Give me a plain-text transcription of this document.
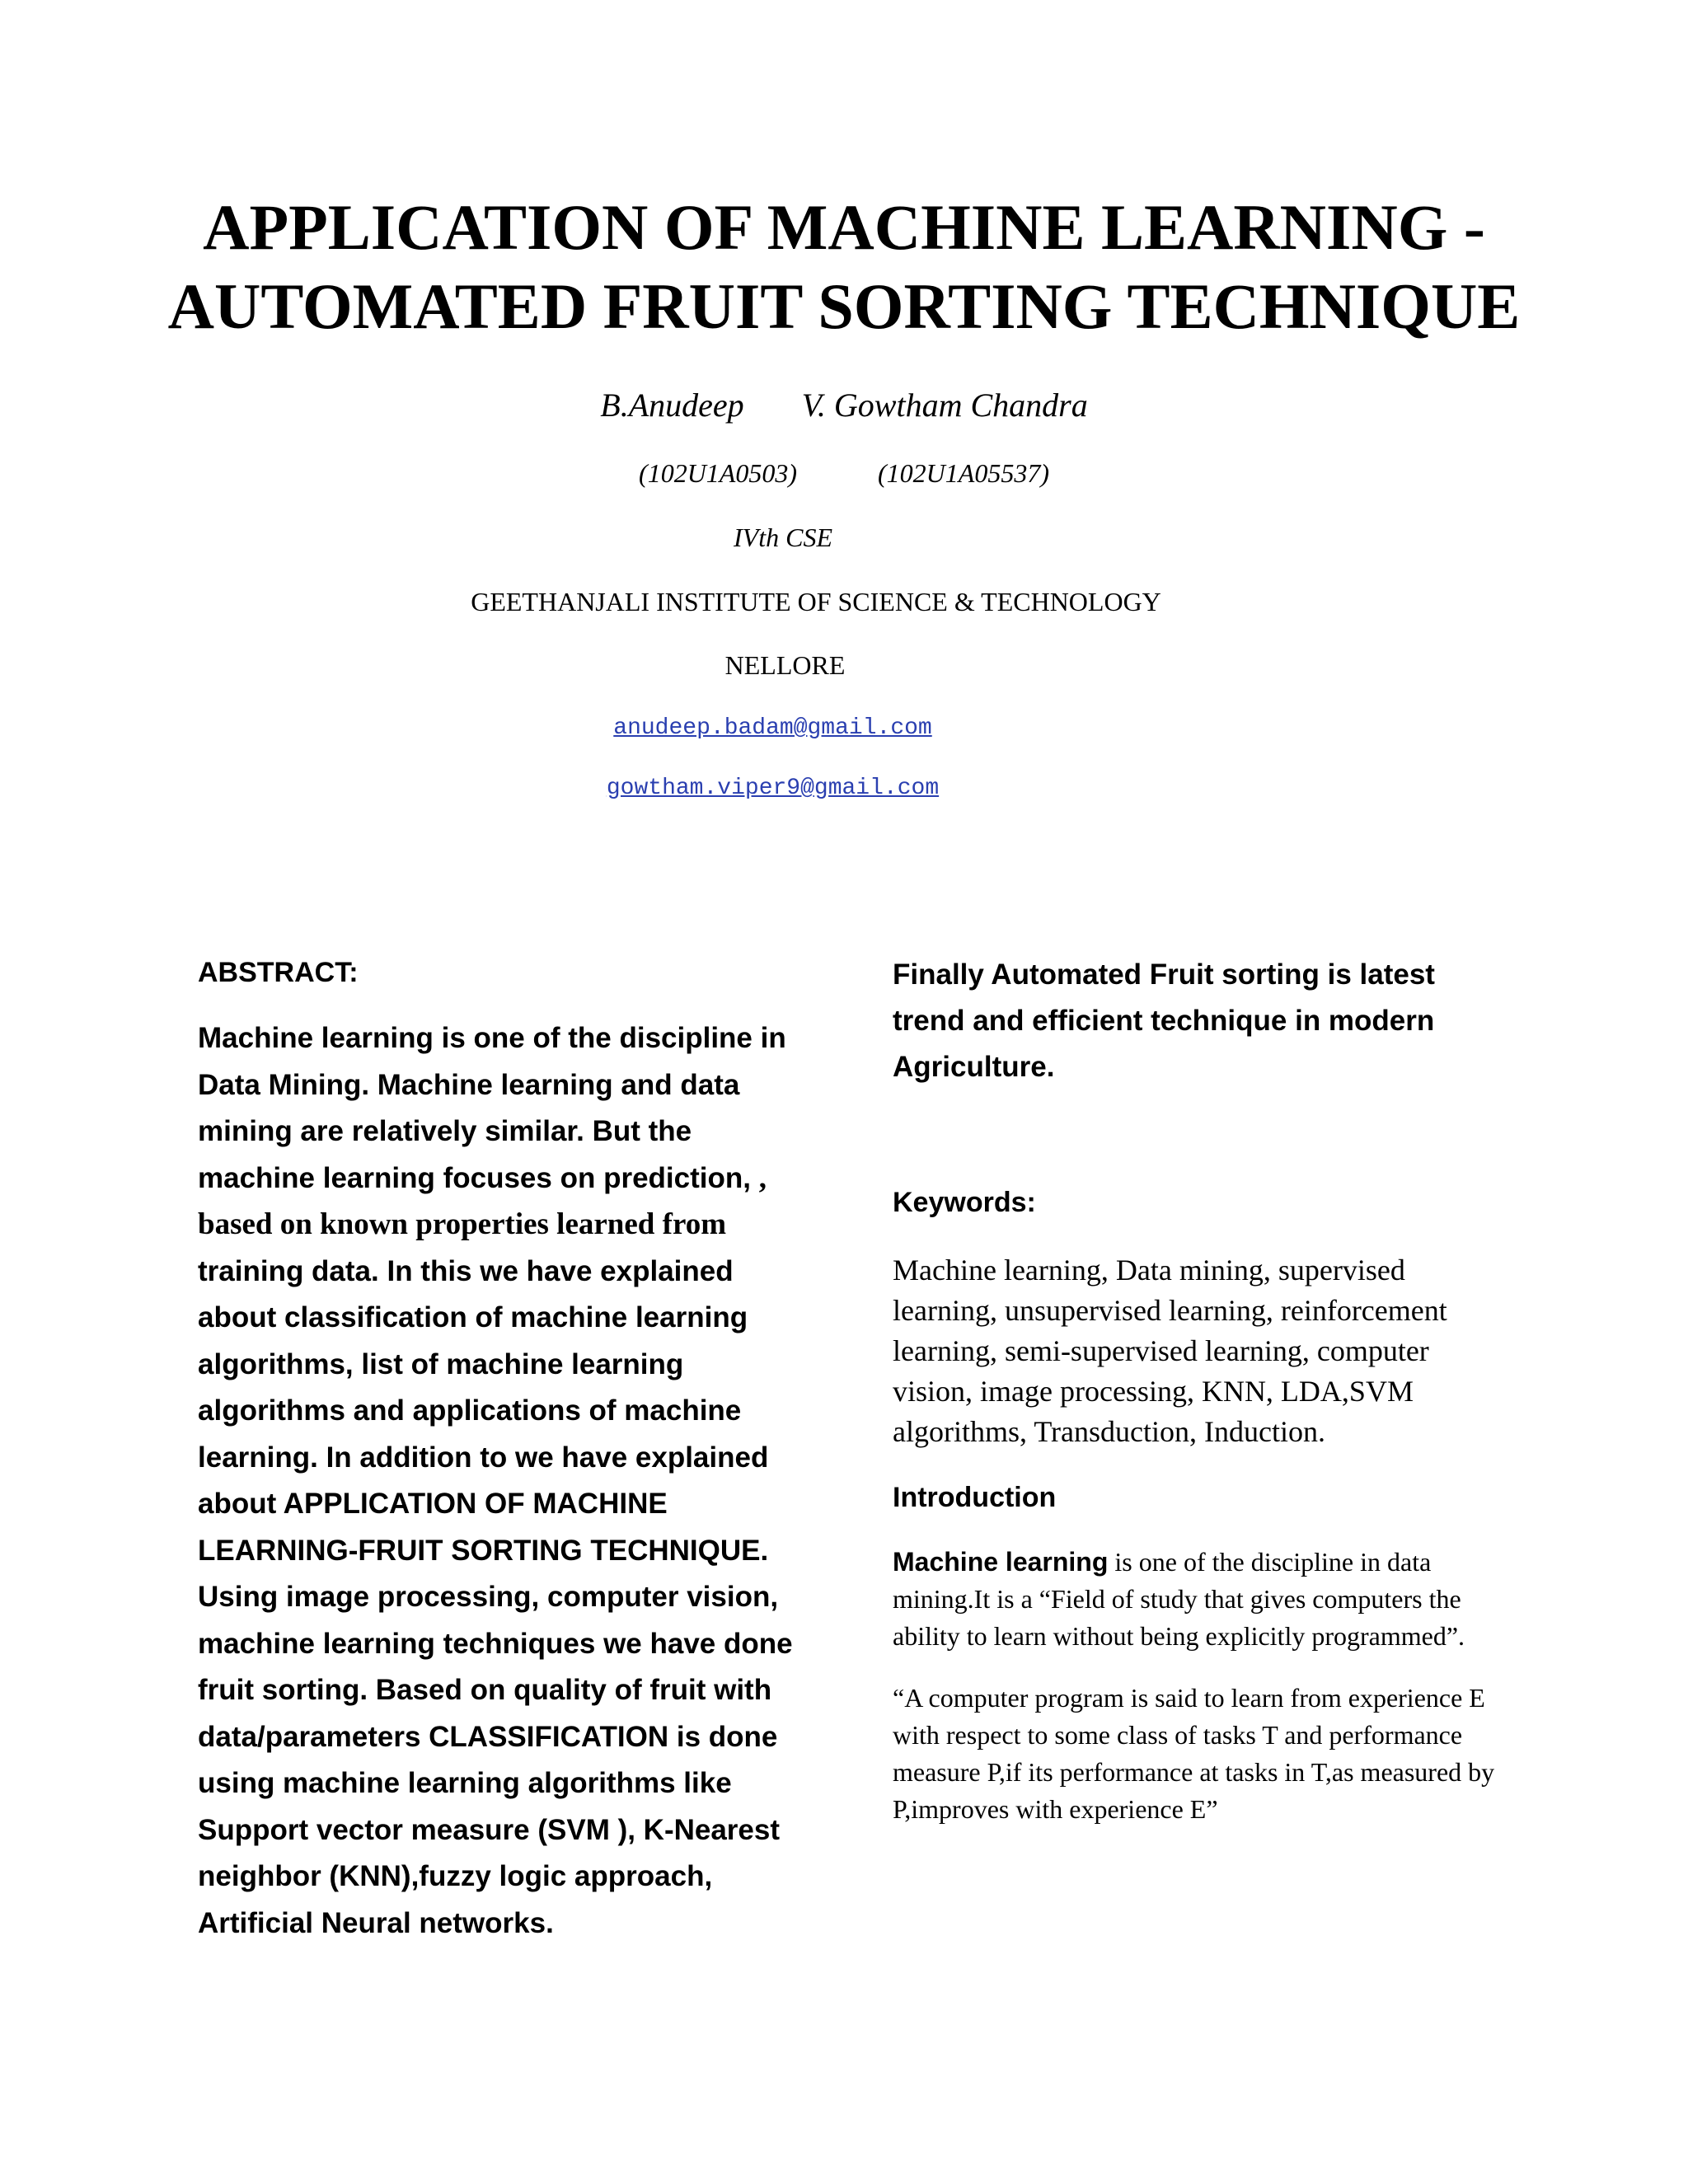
APPLICATION OF MACHINE LEARNING -
AUTOMATED FRUIT SORTING TECHNIQUE
B.Anudeep V. Gowtham Chandra
(102U1A0503)	(102U1A05537)
IVth CSE
GEETHANJALI INSTITUTE OF SCIENCE & TECHNOLOGY
NELLORE
anudeep.badam@gmail.com
gowtham.viper9@gmail.com
ABSTRACT:

Machine learning is one of the discipline in Data Mining. Machine learning and data mining are relatively similar. But the machine learning focuses on prediction, , based on known properties learned from training data. In this we have explained about classification of machine learning algorithms, list of machine learning algorithms and applications of machine learning. In addition to we have explained about APPLICATION OF MACHINE LEARNING-FRUIT SORTING TECHNIQUE. Using image processing, computer vision, machine learning techniques we have done fruit sorting. Based on quality of fruit with data/parameters CLASSIFICATION is done using machine learning algorithms like Support vector measure (SVM ), K-Nearest neighbor (KNN),fuzzy logic approach, Artificial Neural networks.

Finally Automated Fruit sorting is latest trend and efficient technique in modern Agriculture.

Keywords:

Machine learning, Data mining, supervised learning, unsupervised learning, reinforcement learning, semi-supervised learning, computer vision, image processing, KNN, LDA,SVM algorithms, Transduction, Induction.

Introduction

Machine learning is one of the discipline in data mining.It is a “Field of study that gives computers the ability to learn without being explicitly programmed”.

“A computer program is said to learn from experience E with respect to some class of tasks T and performance measure P,if its performance at tasks in T,as measured by P,improves with experience E”
